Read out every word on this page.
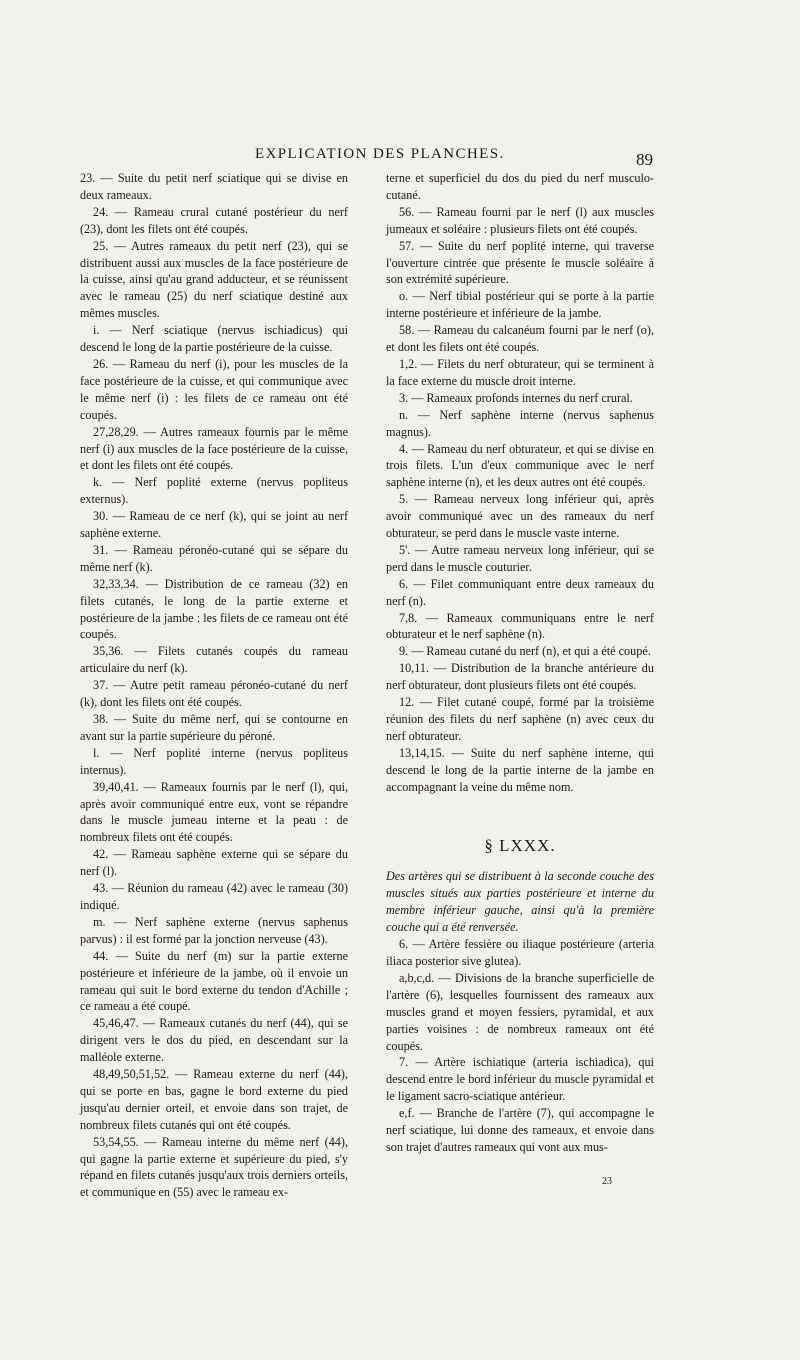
EXPLICATION DES PLANCHES.	89

23. — Suite du petit nerf sciatique qui se divise en deux rameaux.

24. — Rameau crural cutané postérieur du nerf (23), dont les filets ont été coupés.

25. — Autres rameaux du petit nerf (23), qui se distribuent aussi aux muscles de la face postérieure de la cuisse, ainsi qu'au grand adducteur, et se réunissent avec le rameau (25) du nerf sciatique destiné aux mêmes muscles.

i. — Nerf sciatique (nervus ischiadicus) qui descend le long de la partie postérieure de la cuisse.

26. — Rameau du nerf (i), pour les muscles de la face postérieure de la cuisse, et qui communique avec le même nerf (i) : les filets de ce rameau ont été coupés.

27,28,29. — Autres rameaux fournis par le même nerf (i) aux muscles de la face postérieure de la cuisse, et dont les filets ont été coupés.

k. — Nerf poplité externe (nervus popliteus externus).

30. — Rameau de ce nerf (k), qui se joint au nerf saphène externe.

31. — Rameau péronéo-cutané qui se sépare du même nerf (k).

32,33,34. — Distribution de ce rameau (32) en filets cutanés, le long de la partie externe et postérieure de la jambe : les filets de ce rameau ont été coupés.

35,36. — Filets cutanés coupés du rameau articulaire du nerf (k).

37. — Autre petit rameau péronéo-cutané du nerf (k), dont les filets ont été coupés.

38. — Suite du même nerf, qui se contourne en avant sur la partie supérieure du péroné.

l. — Nerf poplité interne (nervus popliteus internus).

39,40,41. — Rameaux fournis par le nerf (l), qui, après avoir communiqué entre eux, vont se répandre dans le muscle jumeau interne et la peau : de nombreux filets ont été coupés.

42. — Rameau saphène externe qui se sépare du nerf (l).

43. — Réunion du rameau (42) avec le rameau (30) indiqué.

m. — Nerf saphène externe (nervus saphenus parvus) : il est formé par la jonction nerveuse (43).

44. — Suite du nerf (m) sur la partie externe postérieure et inférieure de la jambe, où il envoie un rameau qui suit le bord externe du tendon d'Achille ; ce rameau a été coupé.

45,46,47. — Rameaux cutanés du nerf (44), qui se dirigent vers le dos du pied, en descendant sur la malléole externe.

48,49,50,51,52. — Rameau externe du nerf (44), qui se porte en bas, gagne le bord externe du pied jusqu'au dernier orteil, et envoie dans son trajet, de nombreux filets cutanés qui ont été coupés.

53,54,55. — Rameau interne du même nerf (44), qui gagne la partie externe et supérieure du pied, s'y répand en filets cutanés jusqu'aux trois derniers orteils, et communique en (55) avec le rameau ex-

terne et superficiel du dos du pied du nerf musculo-cutané.

56. — Rameau fourni par le nerf (l) aux muscles jumeaux et soléaire : plusieurs filets ont été coupés.

57. — Suite du nerf poplité interne, qui traverse l'ouverture cintrée que présente le muscle soléaire à son extrémité supérieure.

o. — Nerf tibial postérieur qui se porte à la partie interne postérieure et inférieure de la jambe.

58. — Rameau du calcanéum fourni par le nerf (o), et dont les filets ont été coupés.

1,2. — Filets du nerf obturateur, qui se terminent à la face externe du muscle droit interne.

3. — Rameaux profonds internes du nerf crural.

n. — Nerf saphène interne (nervus saphenus magnus).

4. — Rameau du nerf obturateur, et qui se divise en trois filets. L'un d'eux communique avec le nerf saphène interne (n), et les deux autres ont été coupés.

5. — Rameau nerveux long inférieur qui, après avoir communiqué avec un des rameaux du nerf obturateur, se perd dans le muscle vaste interne.

5'. — Autre rameau nerveux long inférieur, qui se perd dans le muscle couturier.

6. — Filet communiquant entre deux rameaux du nerf (n).

7,8. — Rameaux communiquans entre le nerf obturateur et le nerf saphène (n).

9. — Rameau cutané du nerf (n), et qui a été coupé.

10,11. — Distribution de la branche antérieure du nerf obturateur, dont plusieurs filets ont été coupés.

12. — Filet cutané coupé, formé par la troisième réunion des filets du nerf saphène (n) avec ceux du nerf obturateur.

13,14,15. — Suite du nerf saphène interne, qui descend le long de la partie interne de la jambe en accompagnant la veine du même nom.

§ LXXX.

Des artères qui se distribuent à la seconde couche des muscles situés aux parties postérieure et interne du membre inférieur gauche, ainsi qu'à la première couche qui a été renversée.

6. — Artère fessière ou iliaque postérieure (arteria iliaca posterior sive glutea).

a,b,c,d. — Divisions de la branche superficielle de l'artère (6), lesquelles fournissent des rameaux aux muscles grand et moyen fessiers, pyramidal, et aux parties voisines : de nombreux rameaux ont été coupés.

7. — Artère ischiatique (arteria ischiadica), qui descend entre le bord inférieur du muscle pyramidal et le ligament sacro-sciatique antérieur.

e,f. — Branche de l'artère (7), qui accompagne le nerf sciatique, lui donne des rameaux, et envoie dans son trajet d'autres rameaux qui vont aux mus-

23
